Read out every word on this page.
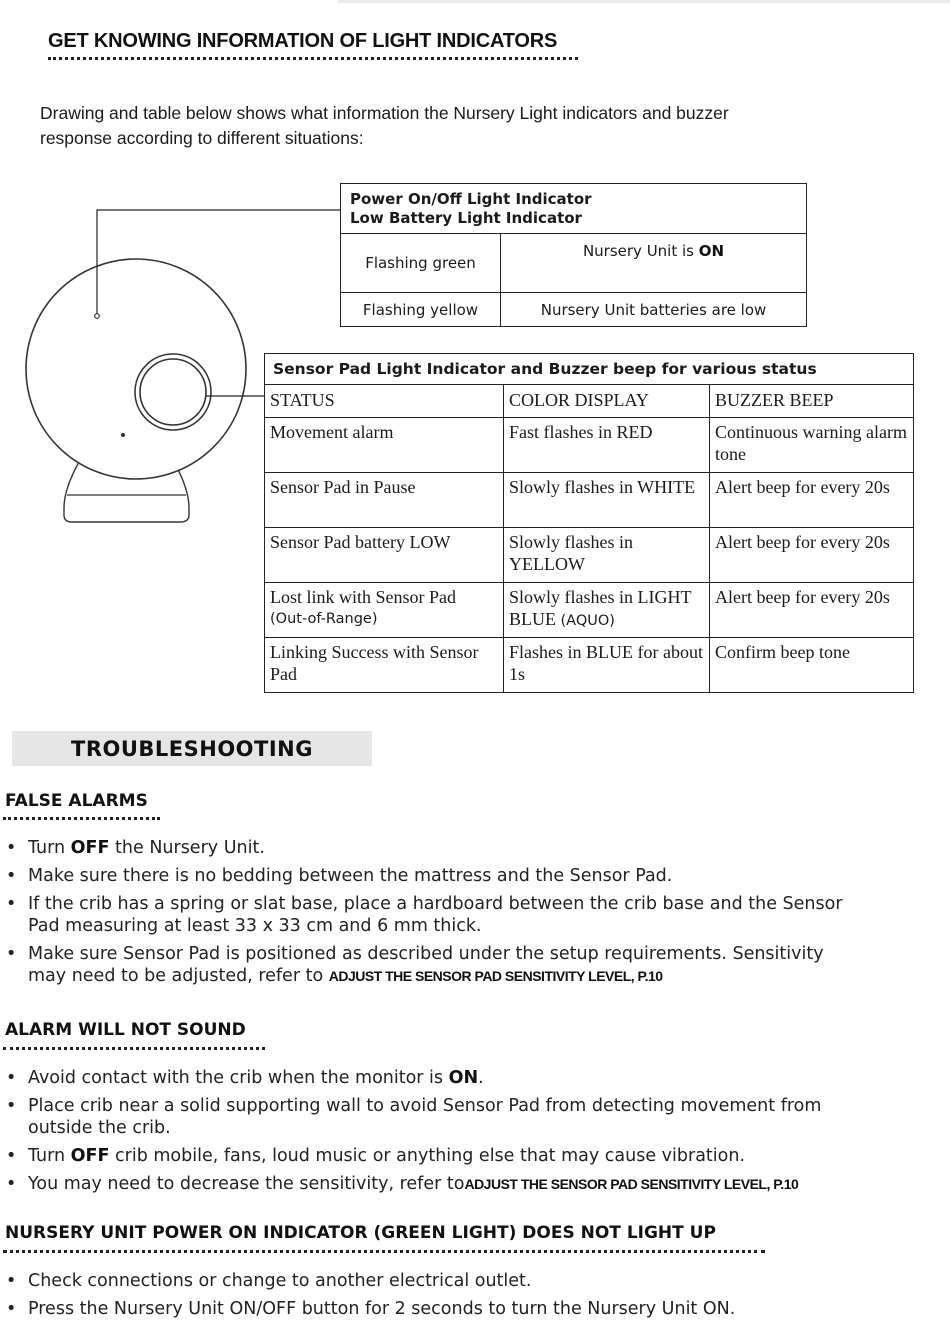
GET KNOWING INFORMATION OF LIGHT INDICATORS

Drawing and table below shows what information the Nursery Light indicators and buzzer

response according to different situations:

Power On/Off Light Indicator
Low Battery Light Indicator	

Flashing green	Nursery Unit is ON
Flashing yellow	Nursery Unit batteries are low
Sensor Pad Light Indicator and Buzzer beep for various status		
STATUS	COLOR DISPLAY	BUZZER BEEP
Movement alarm	Fast flashes in RED	Continuous warning alarm tone
Sensor Pad in Pause	Slowly flashes in WHITE	Alert beep for every 20s
Sensor Pad battery LOW	Slowly flashes in YELLOW	Alert beep for every 20s

Lost link with Sensor Pad
(Out-of-Range)	Slowly flashes in LIGHT BLUE (AQUO)	Alert beep for every 20s
Linking Success with Sensor Pad	Flashes in BLUE for about 1s	Confirm beep tone
TROUBLESHOOTING
FALSE ALARMS
• Turn OFF the Nursery Unit.
• Make sure there is no bedding between the mattress and the Sensor Pad.
• If the crib has a spring or slat base, place a hardboard between the crib base and the Sensor Pad measuring at least 33 x 33 cm and 6 mm thick.
• Make sure Sensor Pad is positioned as described under the setup requirements. Sensitivity may need to be adjusted, refer to ADJUST THE SENSOR PAD SENSITIVITY LEVEL, P.10
ALARM WILL NOT SOUND
• Avoid contact with the crib when the monitor is ON.
• Place crib near a solid supporting wall to avoid Sensor Pad from detecting movement from outside the crib.
• Turn OFF crib mobile, fans, loud music or anything else that may cause vibration.
• You may need to decrease the sensitivity, refer toADJUST THE SENSOR PAD SENSITIVITY LEVEL, P.10
NURSERY UNIT POWER ON INDICATOR (GREEN LIGHT) DOES NOT LIGHT UP
• Check connections or change to another electrical outlet.
• Press the Nursery Unit ON/OFF button for 2 seconds to turn the Nursery Unit ON.
